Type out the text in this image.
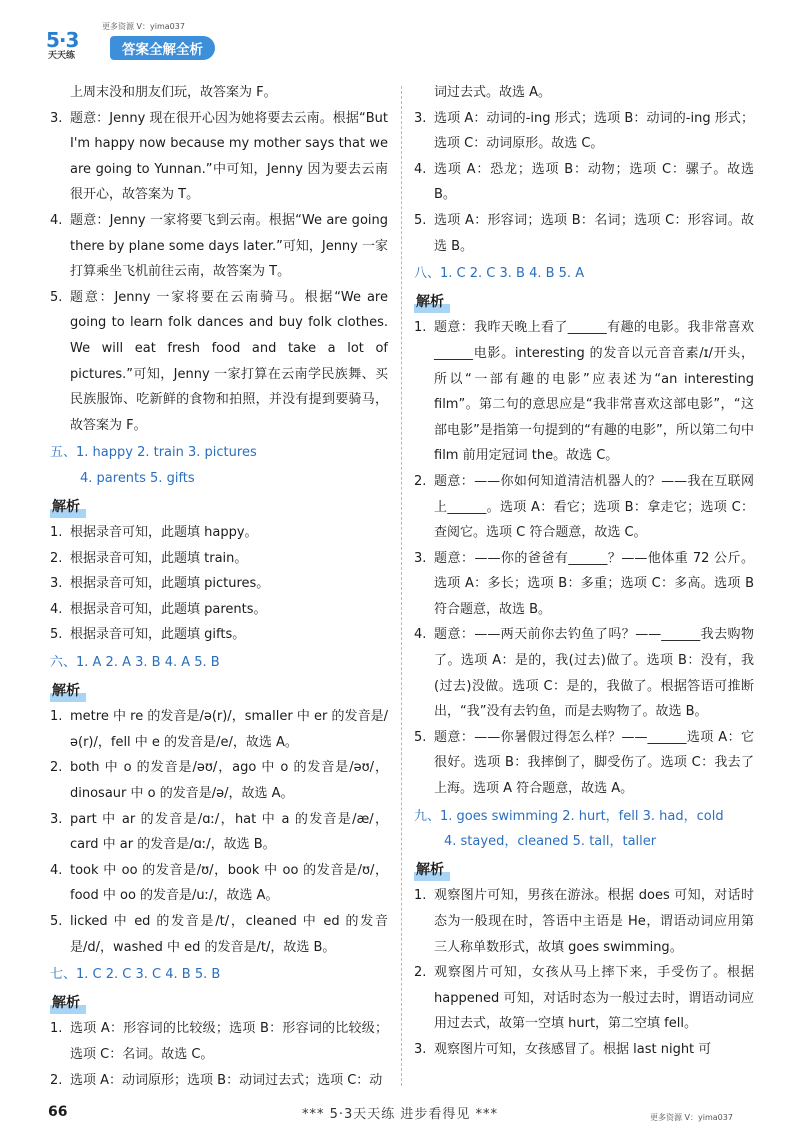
5·3
天天练
更多资源 V：yima037
答案全解全析

上周末没和朋友们玩，故答案为 F。

3. 题意：Jenny 现在很开心因为她将要去云南。根据“But I'm happy now because my mother says that we are going to Yunnan.”中可知，Jenny 因为要去云南很开心，故答案为 T。
4. 题意：Jenny 一家将要飞到云南。根据“We are going there by plane some days later.”可知，Jenny 一家打算乘坐飞机前往云南，故答案为 T。
5. 题意：Jenny 一家将要在云南骑马。根据“We are going to learn folk dances and buy folk clothes. We will eat fresh food and take a lot of pictures.”可知，Jenny 一家打算在云南学民族舞、买民族服饰、吃新鲜的食物和拍照，并没有提到要骑马，故答案为 F。

五、1. happy 2. train 3. pictures

4. parents 5. gifts

解析
1. 根据录音可知，此题填 happy。
2. 根据录音可知，此题填 train。
3. 根据录音可知，此题填 pictures。
4. 根据录音可知，此题填 parents。
5. 根据录音可知，此题填 gifts。

六、1. A 2. A 3. B 4. A 5. B

解析
1. metre 中 re 的发音是/ə(r)/，smaller 中 er 的发音是/ə(r)/，fell 中 e 的发音是/e/，故选 A。
2. both 中 o 的发音是/əʊ/，ago 中 o 的发音是/əʊ/，dinosaur 中 o 的发音是/ə/，故选 A。
3. part 中 ar 的发音是/ɑː/，hat 中 a 的发音是/æ/，card 中 ar 的发音是/ɑː/，故选 B。
4. took 中 oo 的发音是/ʊ/，book 中 oo 的发音是/ʊ/，food 中 oo 的发音是/uː/，故选 A。
5. licked 中 ed 的发音是/t/，cleaned 中 ed 的发音是/d/，washed 中 ed 的发音是/t/，故选 B。

七、1. C 2. C 3. C 4. B 5. B

解析
1. 选项 A：形容词的比较级；选项 B：形容词的比较级；选项 C：名词。故选 C。
2. 选项 A：动词原形；选项 B：动词过去式；选项 C：动

词过去式。故选 A。

3. 选项 A：动词的-ing 形式；选项 B：动词的-ing 形式；选项 C：动词原形。故选 C。
4. 选项 A：恐龙；选项 B：动物；选项 C：骡子。故选 B。
5. 选项 A：形容词；选项 B：名词；选项 C：形容词。故选 B。

八、1. C 2. C 3. B 4. B 5. A

解析
1. 题意：我昨天晚上看了______有趣的电影。我非常喜欢______电影。interesting 的发音以元音音素/ɪ/开头，所以“一部有趣的电影”应表述为“an interesting film”。第二句的意思应是“我非常喜欢这部电影”，“这部电影”是指第一句提到的“有趣的电影”，所以第二句中 film 前用定冠词 the。故选 C。
2. 题意：——你如何知道清洁机器人的？——我在互联网上______。选项 A：看它；选项 B：拿走它；选项 C：查阅它。选项 C 符合题意，故选 C。
3. 题意：——你的爸爸有______？——他体重 72 公斤。选项 A：多长；选项 B：多重；选项 C：多高。选项 B 符合题意，故选 B。
4. 题意：——两天前你去钓鱼了吗？——______我去购物了。选项 A：是的，我(过去)做了。选项 B：没有，我(过去)没做。选项 C：是的，我做了。根据答语可推断出，“我”没有去钓鱼，而是去购物了。故选 B。
5. 题意：——你暑假过得怎么样？——______选项 A：它很好。选项 B：我摔倒了，脚受伤了。选项 C：我去了上海。选项 A 符合题意，故选 A。

九、1. goes swimming 2. hurt，fell 3. had，cold

4. stayed，cleaned 5. tall，taller

解析
1. 观察图片可知，男孩在游泳。根据 does 可知，对话时态为一般现在时，答语中主语是 He，谓语动词应用第三人称单数形式，故填 goes swimming。
2. 观察图片可知，女孩从马上摔下来，手受伤了。根据 happened 可知，对话时态为一般过去时，谓语动词应用过去式，故第一空填 hurt，第二空填 fell。
3. 观察图片可知，女孩感冒了。根据 last night 可
66	*** 5·3天天练 进步看得见 ***	更多资源 V：yima037
